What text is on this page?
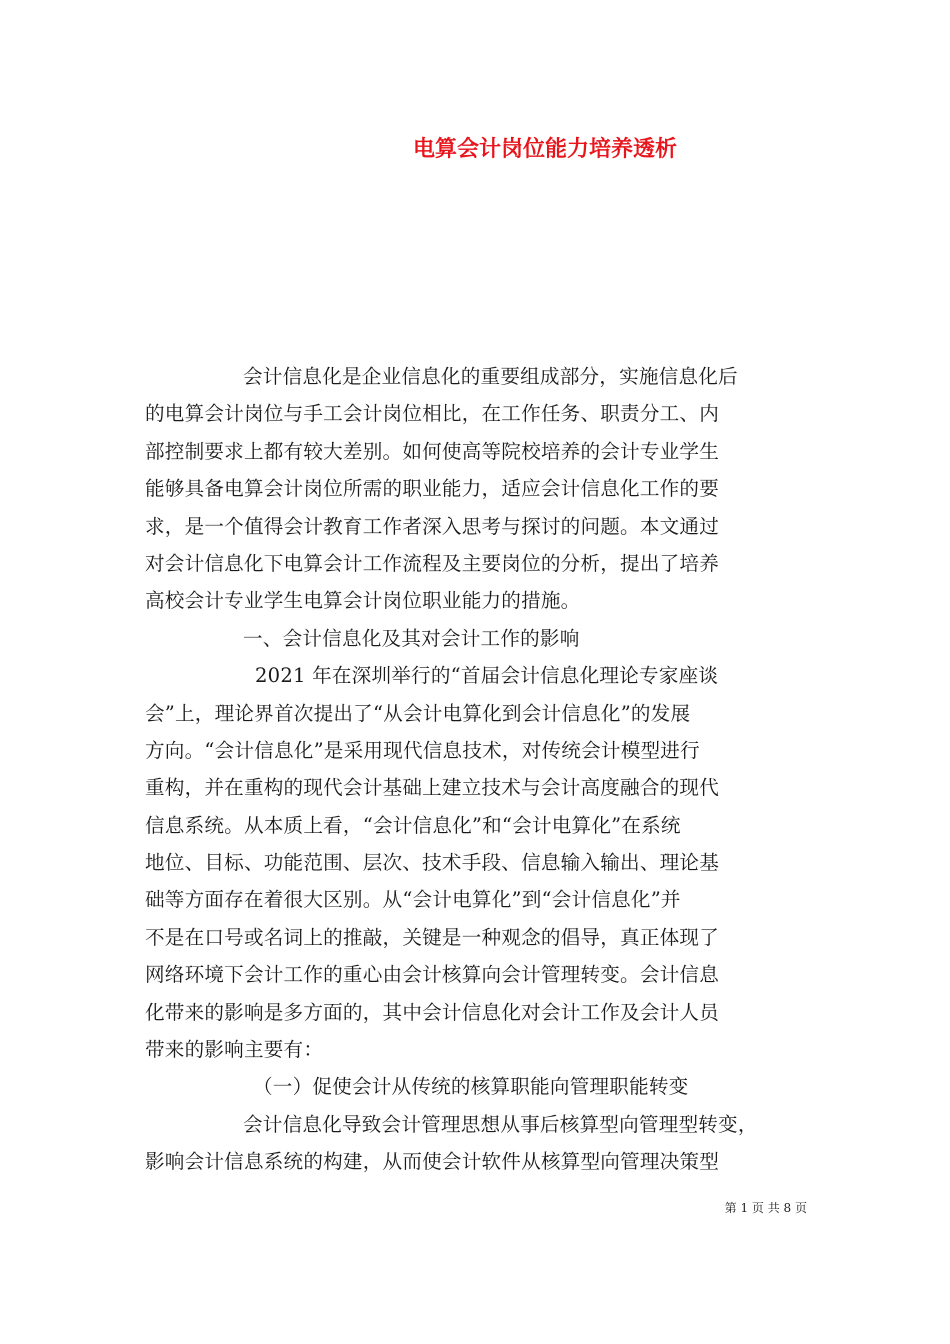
电算会计岗位能力培养透析
会计信息化是企业信息化的重要组成部分，实施信息化后
的电算会计岗位与手工会计岗位相比，在工作任务、职责分工、内
部控制要求上都有较大差别。如何使高等院校培养的会计专业学生
能够具备电算会计岗位所需的职业能力，适应会计信息化工作的要
求，是一个值得会计教育工作者深入思考与探讨的问题。本文通过
对会计信息化下电算会计工作流程及主要岗位的分析，提出了培养
高校会计专业学生电算会计岗位职业能力的措施。
一、会计信息化及其对会计工作的影响
2021 年在深圳举行的“首届会计信息化理论专家座谈
会”上，理论界首次提出了“从会计电算化到会计信息化”的发展
方向。“会计信息化”是采用现代信息技术，对传统会计模型进行
重构，并在重构的现代会计基础上建立技术与会计高度融合的现代
信息系统。从本质上看，“会计信息化”和“会计电算化”在系统
地位、目标、功能范围、层次、技术手段、信息输入输出、理论基
础等方面存在着很大区别。从“会计电算化”到“会计信息化”并
不是在口号或名词上的推敲，关键是一种观念的倡导，真正体现了
网络环境下会计工作的重心由会计核算向会计管理转变。会计信息
化带来的影响是多方面的，其中会计信息化对会计工作及会计人员
带来的影响主要有：
（一）促使会计从传统的核算职能向管理职能转变
会计信息化导致会计管理思想从事后核算型向管理型转变，
影响会计信息系统的构建，从而使会计软件从核算型向管理决策型
第 1 页 共 8 页
